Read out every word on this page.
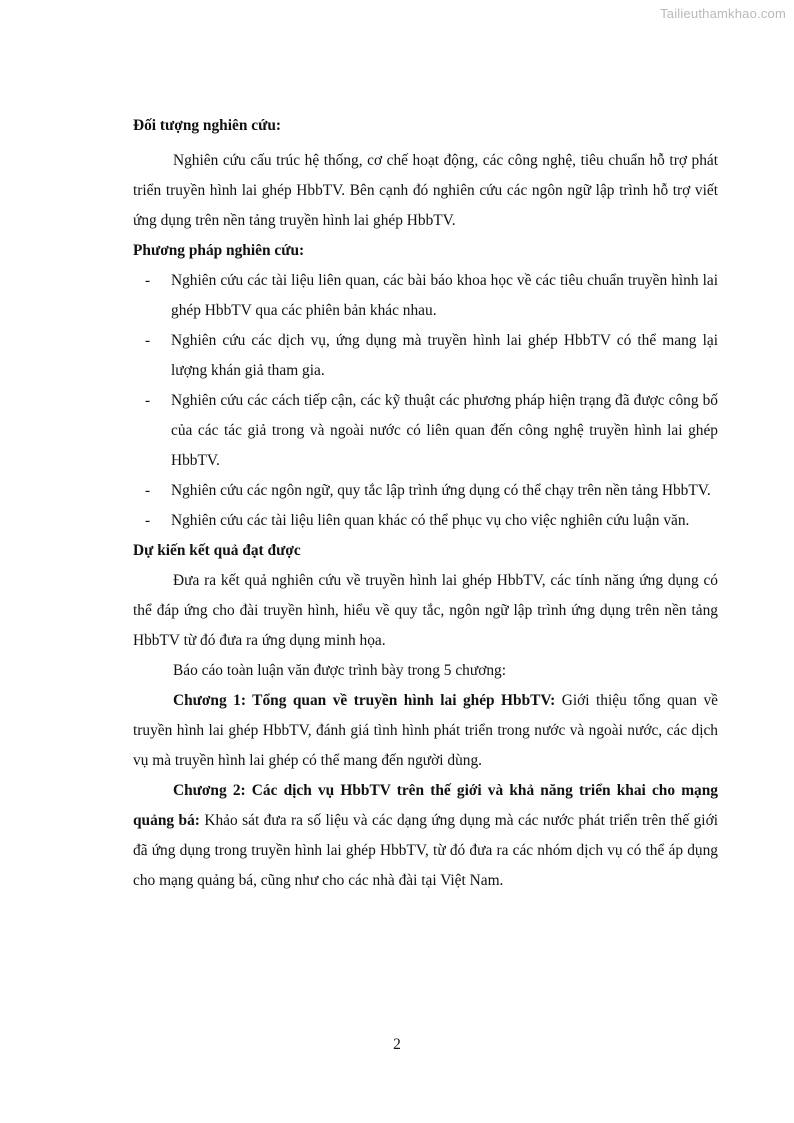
Tailieuthamkhao.com

Đối tượng nghiên cứu:

Nghiên cứu cấu trúc hệ thống, cơ chế hoạt động, các công nghệ, tiêu chuẩn hỗ trợ phát triển truyền hình lai ghép HbbTV. Bên cạnh đó nghiên cứu các ngôn ngữ lập trình hỗ trợ viết ứng dụng trên nền tảng truyền hình lai ghép HbbTV.

Phương pháp nghiên cứu:

- Nghiên cứu các tài liệu liên quan, các bài báo khoa học về các tiêu chuẩn truyền hình lai ghép HbbTV qua các phiên bản khác nhau.
- Nghiên cứu các dịch vụ, ứng dụng mà truyền hình lai ghép HbbTV có thể mang lại lượng khán giả tham gia.
- Nghiên cứu các cách tiếp cận, các kỹ thuật các phương pháp hiện trạng đã được công bố của các tác giả trong và ngoài nước có liên quan đến công nghệ truyền hình lai ghép HbbTV.
- Nghiên cứu các ngôn ngữ, quy tắc lập trình ứng dụng có thể chạy trên nền tảng HbbTV.
- Nghiên cứu các tài liệu liên quan khác có thể phục vụ cho việc nghiên cứu luận văn.

Dự kiến kết quả đạt được

Đưa ra kết quả nghiên cứu về truyền hình lai ghép HbbTV, các tính năng ứng dụng có thể đáp ứng cho đài truyền hình, hiểu về quy tắc, ngôn ngữ lập trình ứng dụng trên nền tảng HbbTV từ đó đưa ra ứng dụng minh họa.

Báo cáo toàn luận văn được trình bày trong 5 chương:

Chương 1: Tổng quan về truyền hình lai ghép HbbTV: Giới thiệu tổng quan về truyền hình lai ghép HbbTV, đánh giá tình hình phát triển trong nước và ngoài nước, các dịch vụ mà truyền hình lai ghép có thể mang đến người dùng.

Chương 2: Các dịch vụ HbbTV trên thế giới và khả năng triển khai cho mạng quảng bá: Khảo sát đưa ra số liệu và các dạng ứng dụng mà các nước phát triển trên thế giới đã ứng dụng trong truyền hình lai ghép HbbTV, từ đó đưa ra các nhóm dịch vụ có thể áp dụng cho mạng quảng bá, cũng như cho các nhà đài tại Việt Nam.

2
